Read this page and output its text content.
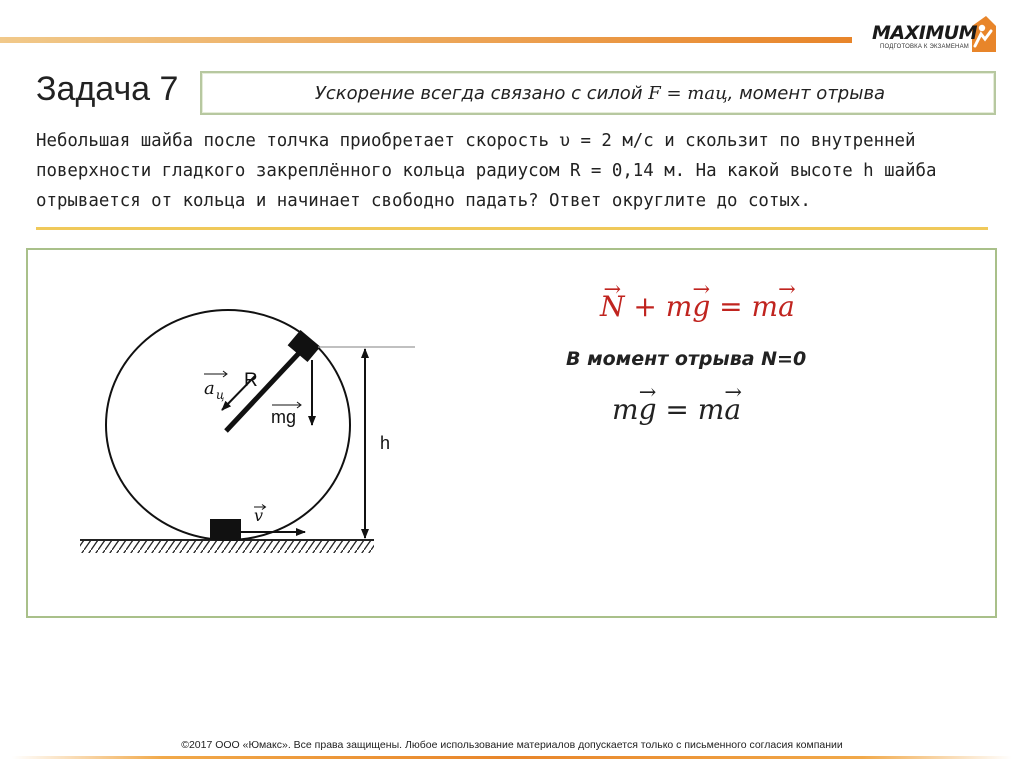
MAXIMUM
ПОДГОТОВКА К ЭКЗАМЕНАМ
Задача 7	Ускорение всегда связано с силой F = maц, момент отрыва
Небольшая шайба после толчка приобретает скорость υ = 2 м/с и скользит по внутренней поверхности гладкого закреплённого кольца радиусом R = 0,14 м. На какой высоте h шайба отрывается от кольца и начинает свободно падать? Ответ округлите до сотых.
R
h
mg
a ц
v
→ N + m→ g = m→ a
В момент отрыва N=0
m→ g = m→ a
©2017 ООО «Юмакс». Все права защищены. Любое использование материалов допускается только с письменного согласия компании
